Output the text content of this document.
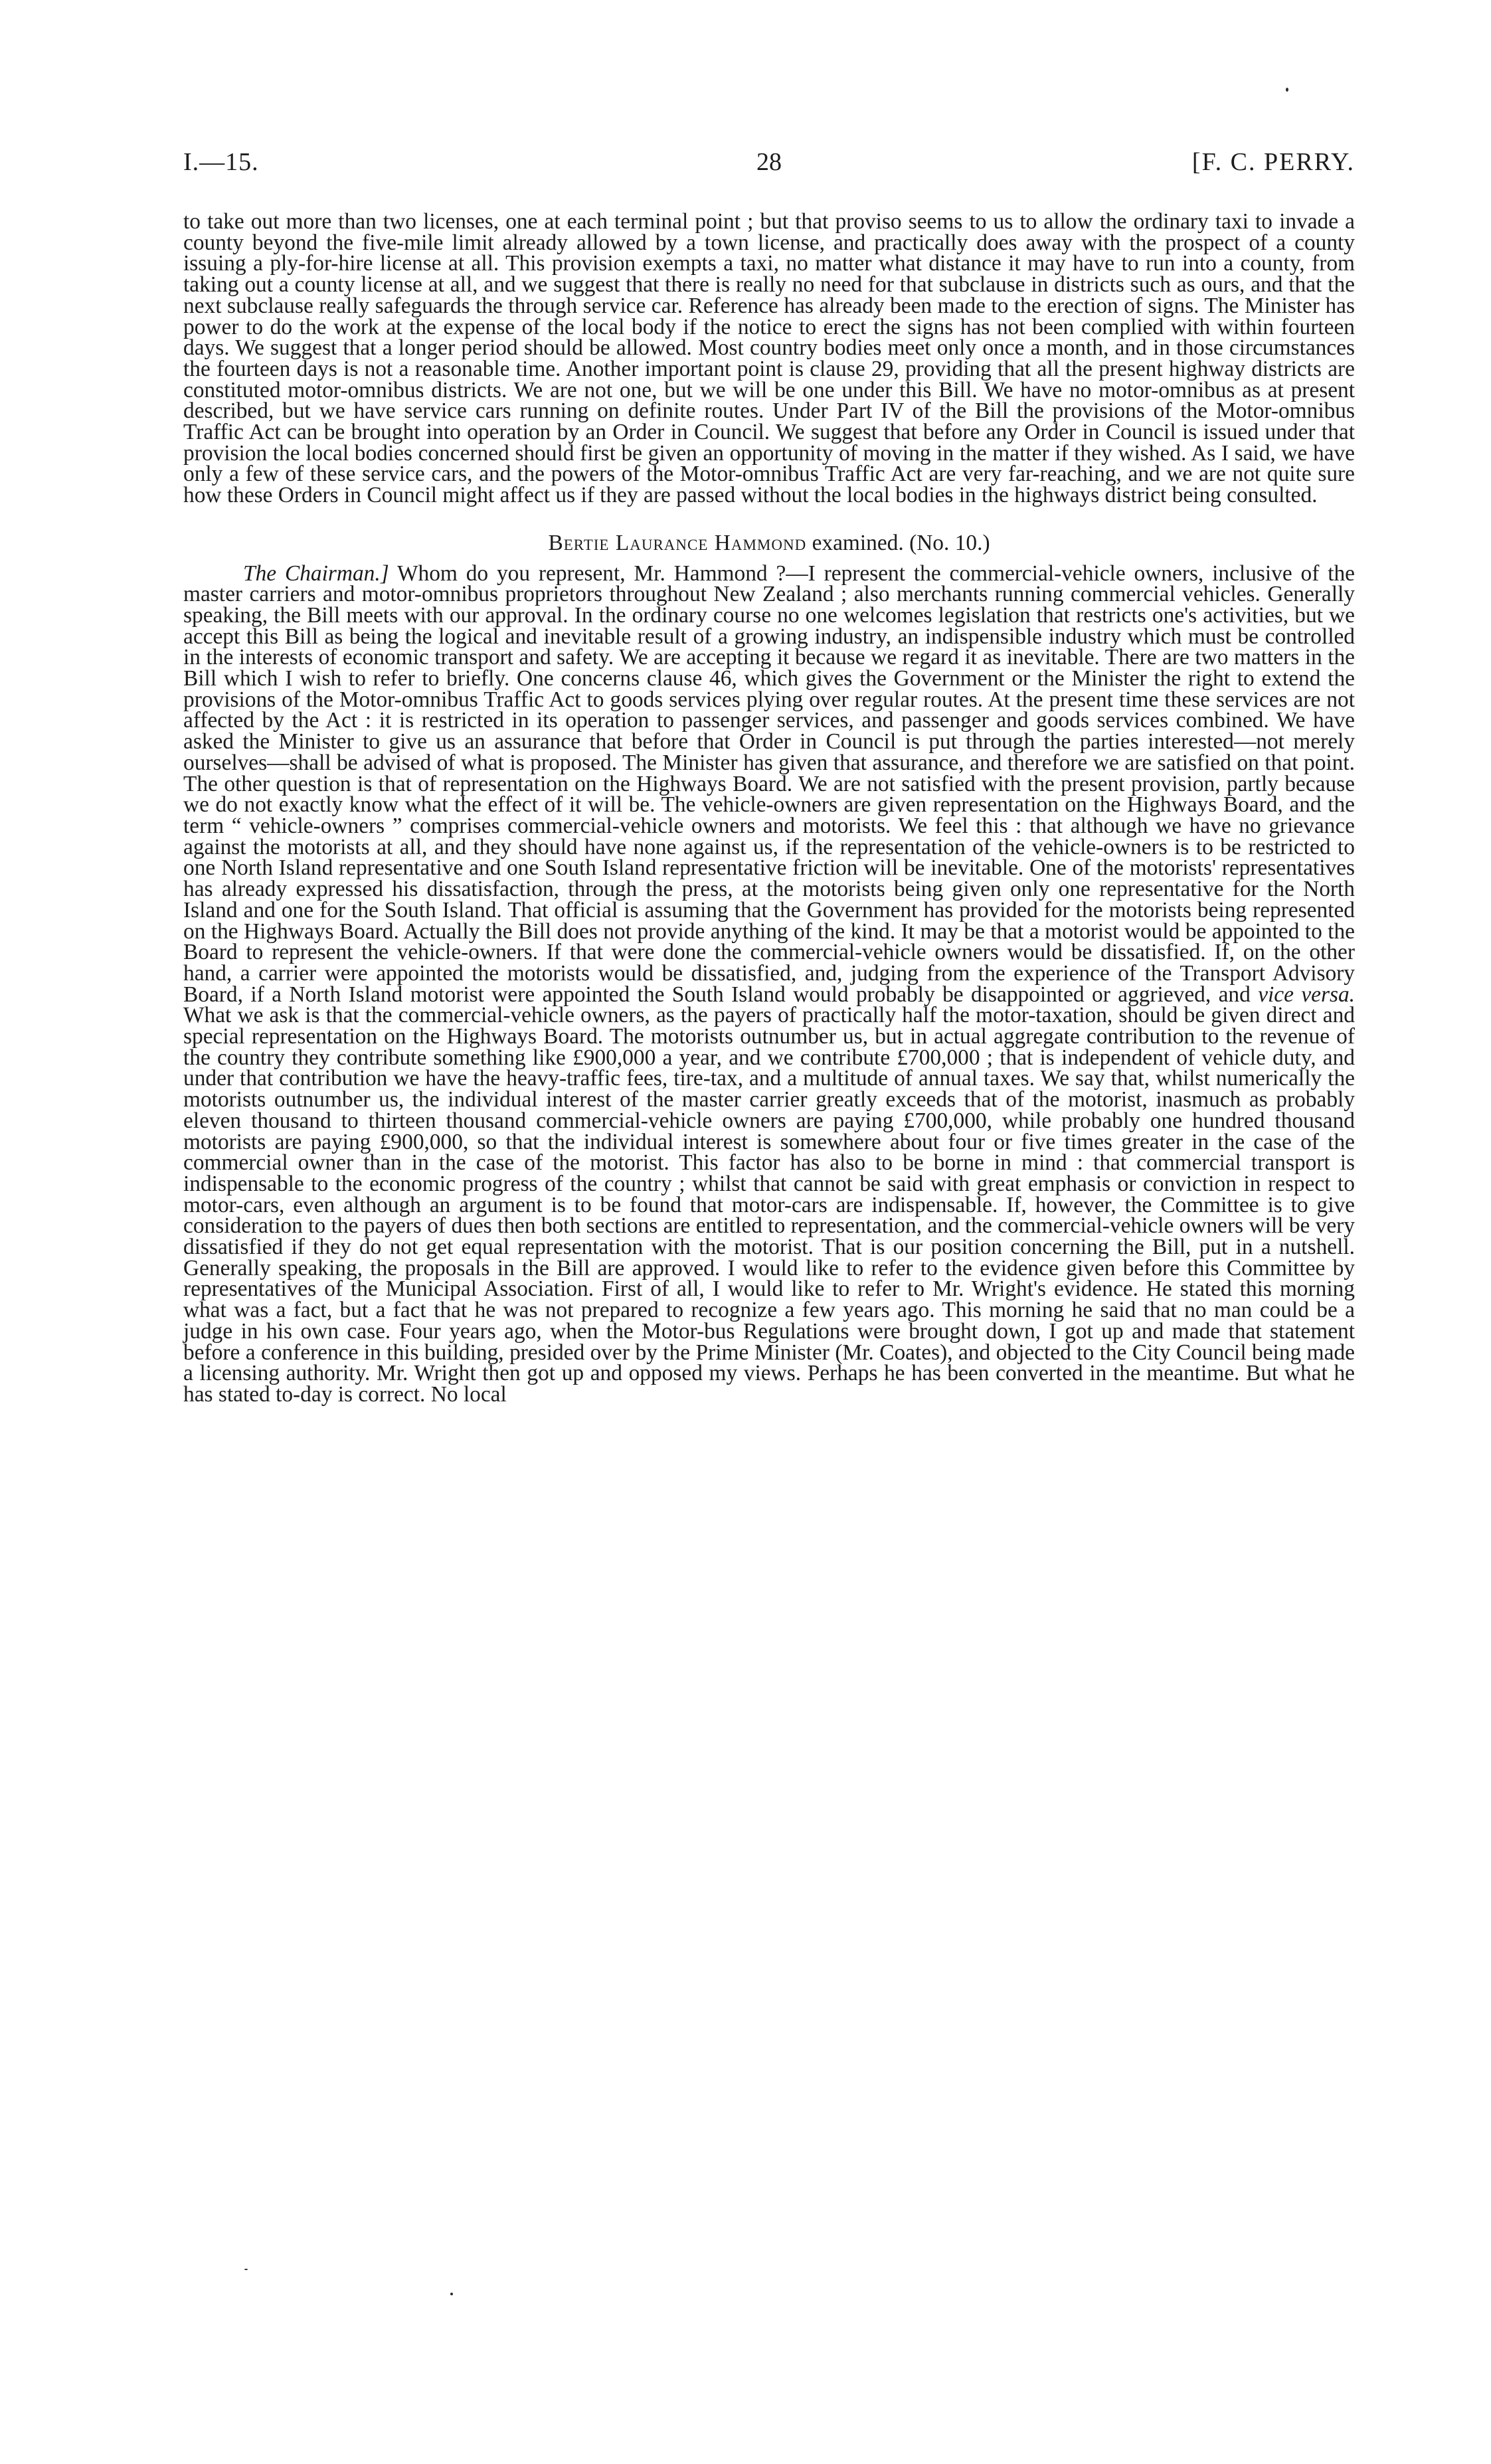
I.—15.	28	[F. C. PERRY.

to take out more than two licenses, one at each terminal point ; but that proviso seems to us to allow the ordinary taxi to invade a county beyond the five-mile limit already allowed by a town license, and practically does away with the prospect of a county issuing a ply-for-hire license at all. This provision exempts a taxi, no matter what distance it may have to run into a county, from taking out a county license at all, and we suggest that there is really no need for that subclause in districts such as ours, and that the next subclause really safeguards the through service car. Reference has already been made to the erection of signs. The Minister has power to do the work at the expense of the local body if the notice to erect the signs has not been complied with within fourteen days. We suggest that a longer period should be allowed. Most country bodies meet only once a month, and in those circumstances the fourteen days is not a reasonable time. Another important point is clause 29, providing that all the present highway districts are constituted motor-omnibus districts. We are not one, but we will be one under this Bill. We have no motor-omnibus as at present described, but we have service cars running on definite routes. Under Part IV of the Bill the provisions of the Motor-omnibus Traffic Act can be brought into operation by an Order in Council. We suggest that before any Order in Council is issued under that provision the local bodies concerned should first be given an opportunity of moving in the matter if they wished. As I said, we have only a few of these service cars, and the powers of the Motor-omnibus Traffic Act are very far-reaching, and we are not quite sure how these Orders in Council might affect us if they are passed without the local bodies in the highways district being consulted.

Bertie Laurance Hammond examined. (No. 10.)

The Chairman.] Whom do you represent, Mr. Hammond ?—I represent the commercial-vehicle owners, inclusive of the master carriers and motor-omnibus proprietors throughout New Zealand ; also merchants running commercial vehicles. Generally speaking, the Bill meets with our approval. In the ordinary course no one welcomes legislation that restricts one's activities, but we accept this Bill as being the logical and inevitable result of a growing industry, an indispensible industry which must be controlled in the interests of economic transport and safety. We are accepting it because we regard it as inevitable. There are two matters in the Bill which I wish to refer to briefly. One concerns clause 46, which gives the Government or the Minister the right to extend the provisions of the Motor-omnibus Traffic Act to goods services plying over regular routes. At the present time these services are not affected by the Act : it is restricted in its operation to passenger services, and passenger and goods services combined. We have asked the Minister to give us an assurance that before that Order in Council is put through the parties interested—not merely ourselves—shall be advised of what is proposed. The Minister has given that assurance, and therefore we are satisfied on that point. The other question is that of representation on the Highways Board. We are not satisfied with the present provision, partly because we do not exactly know what the effect of it will be. The vehicle-owners are given representation on the Highways Board, and the term “ vehicle-owners ” comprises commercial-vehicle owners and motorists. We feel this : that although we have no grievance against the motorists at all, and they should have none against us, if the representation of the vehicle-owners is to be restricted to one North Island representative and one South Island representative friction will be inevitable. One of the motorists' representatives has already expressed his dissatisfaction, through the press, at the motorists being given only one representative for the North Island and one for the South Island. That official is assuming that the Government has provided for the motorists being represented on the Highways Board. Actually the Bill does not provide anything of the kind. It may be that a motorist would be appointed to the Board to represent the vehicle-owners. If that were done the commercial-vehicle owners would be dissatisfied. If, on the other hand, a carrier were appointed the motorists would be dissatisfied, and, judging from the experience of the Transport Advisory Board, if a North Island motorist were appointed the South Island would probably be disappointed or aggrieved, and vice versa. What we ask is that the commercial-vehicle owners, as the payers of practically half the motor-taxation, should be given direct and special representation on the Highways Board. The motorists outnumber us, but in actual aggregate contribution to the revenue of the country they contribute something like £900,000 a year, and we contribute £700,000 ; that is independent of vehicle duty, and under that contribution we have the heavy-traffic fees, tire-tax, and a multitude of annual taxes. We say that, whilst numerically the motorists outnumber us, the individual interest of the master carrier greatly exceeds that of the motorist, inasmuch as probably eleven thousand to thirteen thousand commercial-vehicle owners are paying £700,000, while probably one hundred thousand motorists are paying £900,000, so that the individual interest is somewhere about four or five times greater in the case of the commercial owner than in the case of the motorist. This factor has also to be borne in mind : that commercial transport is indispensable to the economic progress of the country ; whilst that cannot be said with great emphasis or conviction in respect to motor-cars, even although an argument is to be found that motor-cars are indispensable. If, however, the Committee is to give consideration to the payers of dues then both sections are entitled to representation, and the commercial-vehicle owners will be very dissatisfied if they do not get equal representation with the motorist. That is our position concerning the Bill, put in a nutshell. Generally speaking, the proposals in the Bill are approved. I would like to refer to the evidence given before this Committee by representatives of the Municipal Association. First of all, I would like to refer to Mr. Wright's evidence. He stated this morning what was a fact, but a fact that he was not prepared to recognize a few years ago. This morning he said that no man could be a judge in his own case. Four years ago, when the Motor-bus Regulations were brought down, I got up and made that statement before a conference in this building, presided over by the Prime Minister (Mr. Coates), and objected to the City Council being made a licensing authority. Mr. Wright then got up and opposed my views. Perhaps he has been converted in the meantime. But what he has stated to-day is correct. No local
